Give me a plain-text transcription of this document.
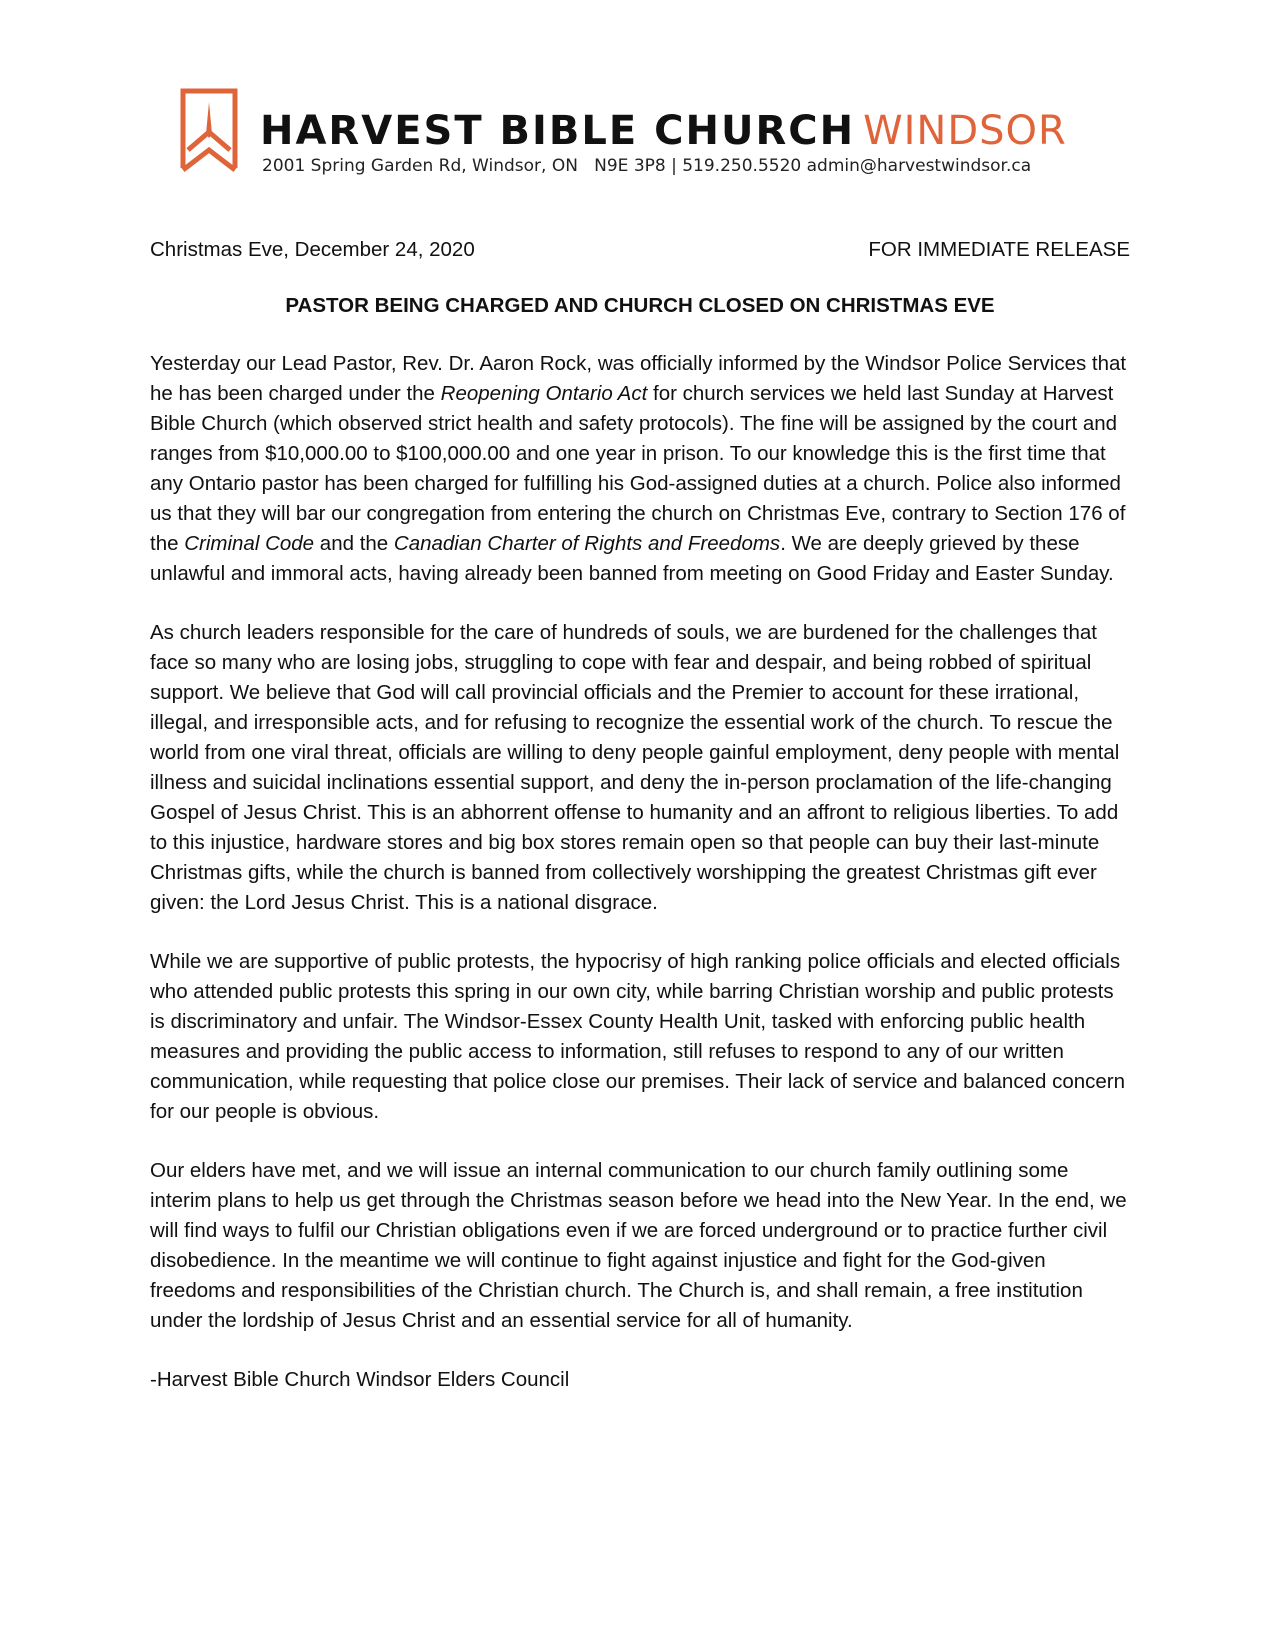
HARVEST BIBLE CHURCH WINDSOR
2001 Spring Garden Rd, Windsor, ON   N9E 3P8 | 519.250.5520 admin@harvestwindsor.ca
Christmas Eve, December 24, 2020	FOR IMMEDIATE RELEASE
PASTOR BEING CHARGED AND CHURCH CLOSED ON CHRISTMAS EVE

Yesterday our Lead Pastor, Rev. Dr. Aaron Rock, was officially informed by the Windsor Police Services that he has been charged under the Reopening Ontario Act for church services we held last Sunday at Harvest Bible Church (which observed strict health and safety protocols). The fine will be assigned by the court and ranges from $10,000.00 to $100,000.00 and one year in prison. To our knowledge this is the first time that any Ontario pastor has been charged for fulfilling his God-assigned duties at a church. Police also informed us that they will bar our congregation from entering the church on Christmas Eve, contrary to Section 176 of the Criminal Code and the Canadian Charter of Rights and Freedoms. We are deeply grieved by these unlawful and immoral acts, having already been banned from meeting on Good Friday and Easter Sunday.

As church leaders responsible for the care of hundreds of souls, we are burdened for the challenges that face so many who are losing jobs, struggling to cope with fear and despair, and being robbed of spiritual support. We believe that God will call provincial officials and the Premier to account for these irrational, illegal, and irresponsible acts, and for refusing to recognize the essential work of the church. To rescue the world from one viral threat, officials are willing to deny people gainful employment, deny people with mental illness and suicidal inclinations essential support, and deny the in-person proclamation of the life-changing Gospel of Jesus Christ. This is an abhorrent offense to humanity and an affront to religious liberties. To add to this injustice, hardware stores and big box stores remain open so that people can buy their last-minute Christmas gifts, while the church is banned from collectively worshipping the greatest Christmas gift ever given: the Lord Jesus Christ. This is a national disgrace.

While we are supportive of public protests, the hypocrisy of high ranking police officials and elected officials who attended public protests this spring in our own city, while barring Christian worship and public protests is discriminatory and unfair. The Windsor-Essex County Health Unit, tasked with enforcing public health measures and providing the public access to information, still refuses to respond to any of our written communication, while requesting that police close our premises. Their lack of service and balanced concern for our people is obvious.

Our elders have met, and we will issue an internal communication to our church family outlining some interim plans to help us get through the Christmas season before we head into the New Year. In the end, we will find ways to fulfil our Christian obligations even if we are forced underground or to practice further civil disobedience. In the meantime we will continue to fight against injustice and fight for the God-given freedoms and responsibilities of the Christian church. The Church is, and shall remain, a free institution under the lordship of Jesus Christ and an essential service for all of humanity.

-Harvest Bible Church Windsor Elders Council
